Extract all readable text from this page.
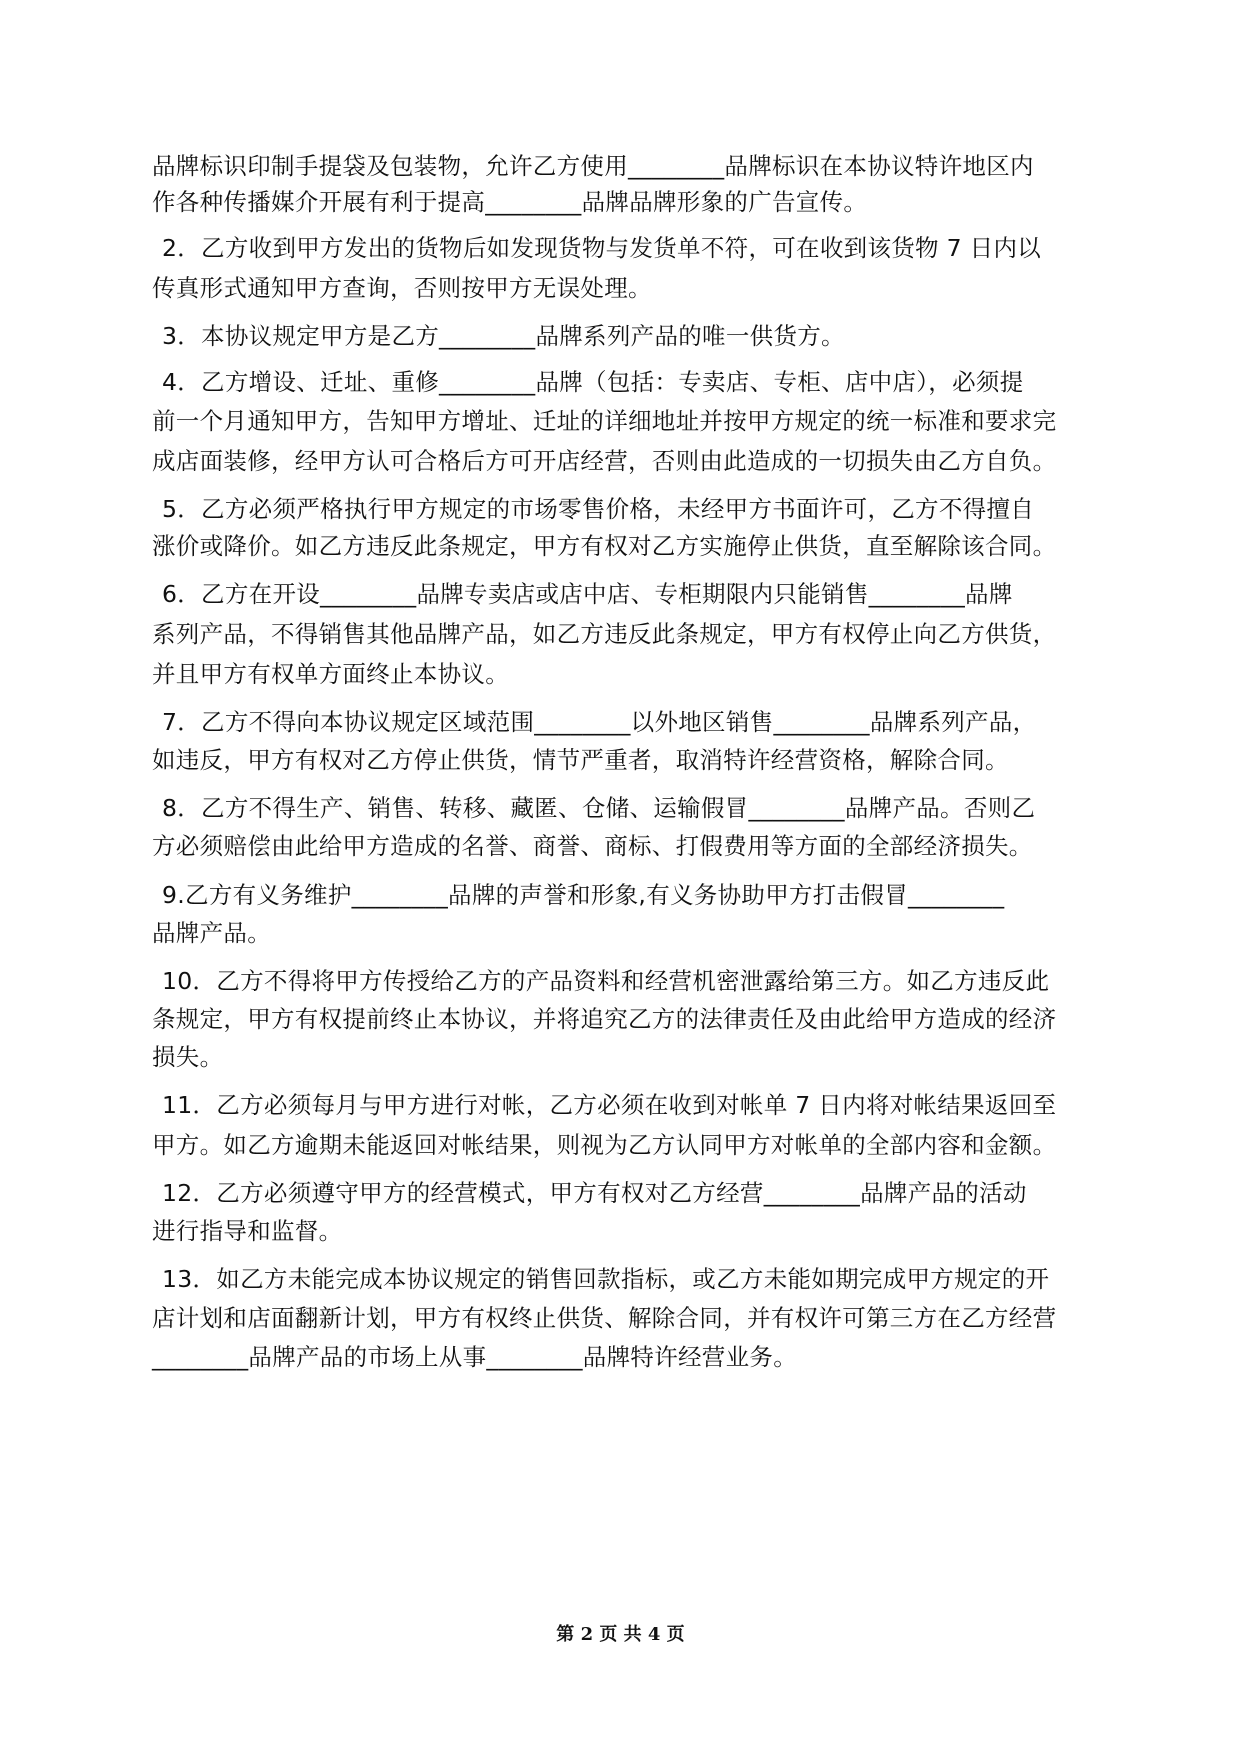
品牌标识印制手提袋及包装物，允许乙方使用________品牌标识在本协议特许地区内
作各种传播媒介开展有利于提高________品牌品牌形象的广告宣传。
2．乙方收到甲方发出的货物后如发现货物与发货单不符，可在收到该货物 7 日内以
传真形式通知甲方查询，否则按甲方无误处理。
3．本协议规定甲方是乙方________品牌系列产品的唯一供货方。
4．乙方增设、迁址、重修________品牌（包括：专卖店、专柜、店中店），必须提
前一个月通知甲方，告知甲方增址、迁址的详细地址并按甲方规定的统一标准和要求完
成店面装修，经甲方认可合格后方可开店经营，否则由此造成的一切损失由乙方自负。
5．乙方必须严格执行甲方规定的市场零售价格，未经甲方书面许可，乙方不得擅自
涨价或降价。如乙方违反此条规定，甲方有权对乙方实施停止供货，直至解除该合同。
6．乙方在开设________品牌专卖店或店中店、专柜期限内只能销售________品牌
系列产品，不得销售其他品牌产品，如乙方违反此条规定，甲方有权停止向乙方供货，
并且甲方有权单方面终止本协议。
7．乙方不得向本协议规定区域范围________以外地区销售________品牌系列产品，
如违反，甲方有权对乙方停止供货，情节严重者，取消特许经营资格，解除合同。
8．乙方不得生产、销售、转移、藏匿、仓储、运输假冒________品牌产品。否则乙
方必须赔偿由此给甲方造成的名誉、商誉、商标、打假费用等方面的全部经济损失。
9.乙方有义务维护________品牌的声誉和形象,有义务协助甲方打击假冒________
品牌产品。
10．乙方不得将甲方传授给乙方的产品资料和经营机密泄露给第三方。如乙方违反此
条规定，甲方有权提前终止本协议，并将追究乙方的法律责任及由此给甲方造成的经济
损失。
11．乙方必须每月与甲方进行对帐，乙方必须在收到对帐单 7 日内将对帐结果返回至
甲方。如乙方逾期未能返回对帐结果，则视为乙方认同甲方对帐单的全部内容和金额。
12．乙方必须遵守甲方的经营模式，甲方有权对乙方经营________品牌产品的活动
进行指导和监督。
13．如乙方未能完成本协议规定的销售回款指标，或乙方未能如期完成甲方规定的开
店计划和店面翻新计划，甲方有权终止供货、解除合同，并有权许可第三方在乙方经营
________品牌产品的市场上从事________品牌特许经营业务。
第 2 页 共 4 页
